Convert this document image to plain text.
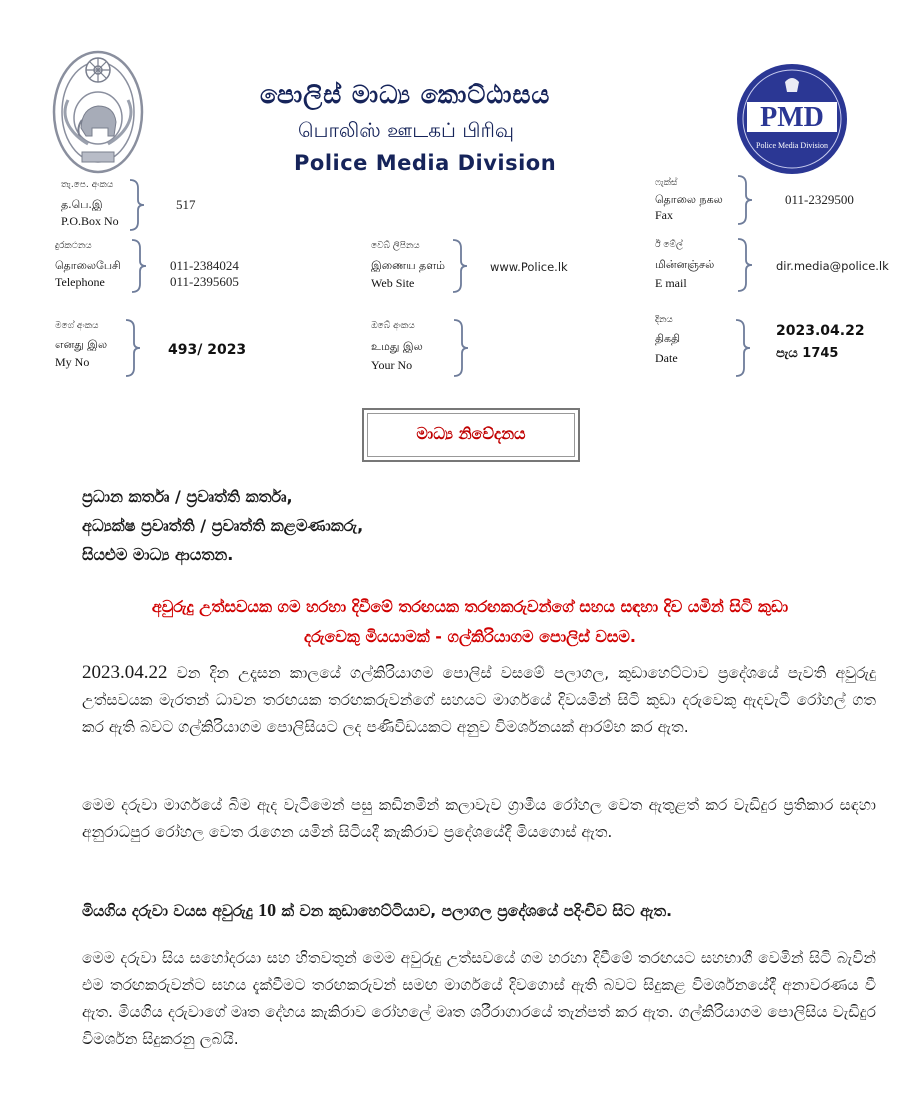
පොලිස් මාධ්‍ය කොට්ඨාසය
பொலிஸ் ஊடகப் பிரிவு
Police Media Division
PMD
Police Media Division
තැ.පෙ. අංකය
த.பெ.இ
P.O.Box No
517
ෆැක්ස්
தொலை நகல
Fax
011-2329500
දුරකථනය
தொலைபேசி
Telephone
011-2384024
011-2395605
වෙබ් ලිපිනය
இணைய தளம்
Web Site
www.Police.lk
ඊ මේල්
மின்னஞ்சல்
E mail
dir.media@police.lk
මගේ අංකය
எனது இல
My No
493/ 2023
ඔබේ අංකය
உமது இல
Your No
දිනය
திகதி
Date
2023.04.22
පැය 1745
මාධ්‍ය නිවේදනය
ප්‍රධාන කර්තෘ / ප්‍රවෘත්ති කර්තෘ,
අධ්‍යක්ෂ ප්‍රවෘත්ති / ප්‍රවෘත්ති කළමණාකරු,
සියළුම මාධ්‍ය ආයතන.
අවුරුදු උත්සවයක ගම හරහා දිවීමේ තරඟයක තරඟකරුවන්ගේ සහය සඳහා දිව යමින් සිටි කුඩා
දරුවෙකු මියයාමක් - ගල්කිරියාගම පොලිස් වසම.
2023.04.22 වන දින උදෑසන කාලයේ ගල්කිරියාගම පොලිස් වසමේ පලාගල, කුඩාහෙට්ටාව ප්‍රදේශයේ පැවති අවුරුදු උත්සවයක මැරතන් ධාවන තරඟයක තරඟකරුවන්ගේ සහයට මාර්ගයේ දිවයමින් සිටි කුඩා දරුවෙකු ඇදවැටී රෝහල් ගත කර ඇති බවට ගල්කිරියාගම පොලිසියට ලද පණිවිඩයකට අනුව විමර්ශනයක් ආරම්භ කර ඇත.
මෙම දරුවා මාර්ගයේ බිම ඇද වැටීමෙන් පසු කඩිනමින් කලාවැව ග්‍රාමීය රෝහල වෙත ඇතුළත් කර වැඩිදුර ප්‍රතිකාර සඳහා අනුරාධපුර රෝහල වෙත රැගෙන යමින් සිටියදී කැකිරාව ප්‍රදේශයේදී මියගොස් ඇත.
මියගිය දරුවා වයස අවුරුදු 10 ක් වන කුඩාහෙට්ටියාව, පලාගල ප්‍රදේශයේ පදිංචිව සිට ඇත.
මෙම දරුවා සිය සහෝදරයා සහ හිතවතුන් මෙම අවුරුදු උත්සවයේ ගම හරහා දිවීමේ තරඟයට සහභාගී වෙමින් සිටි බැවින් එම තරඟකරුවන්ට සහය දැක්වීමට තරඟකරුවන් සමඟ මාර්ගයේ දිවගොස් ඇති බවට සිදුකළ විමර්ශනයේදී අනාවරණය වී ඇත. මියගිය දරුවාගේ මෘත දේහය කැකිරාව රෝහලේ මෘත ශරීරාගාරයේ තැන්පත් කර ඇත. ගල්කිරියාගම පොලිසිය වැඩිදුර විමර්ශන සිදුකරනු ලබයි.
